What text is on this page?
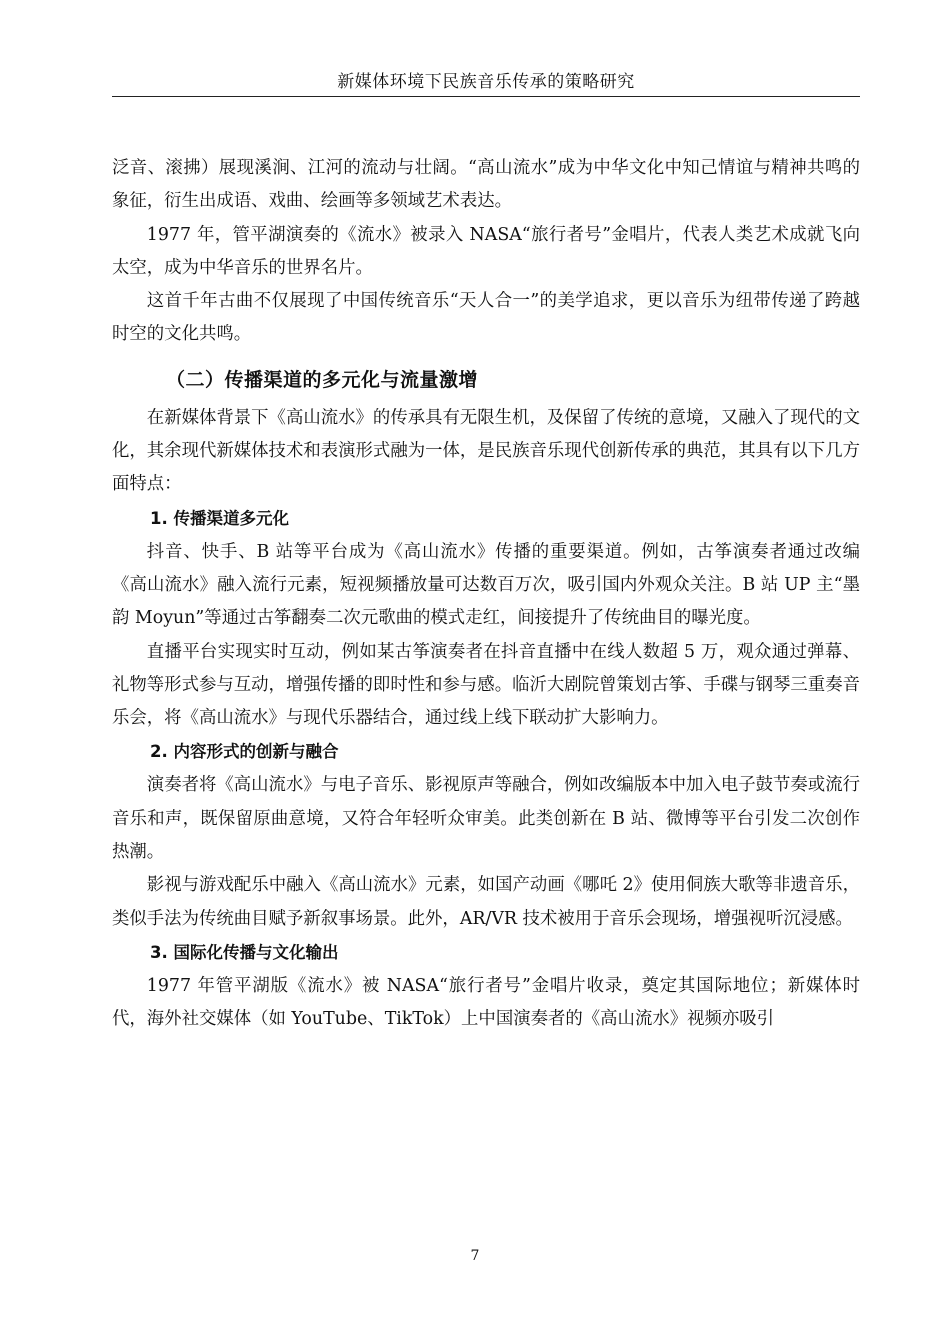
新媒体环境下民族音乐传承的策略研究

泛音、滚拂）展现溪涧、江河的流动与壮阔。“高山流水”成为中华文化中知己情谊与精神共鸣的象征，衍生出成语、戏曲、绘画等多领域艺术表达。

1977 年，管平湖演奏的《流水》被录入 NASA“旅行者号”金唱片，代表人类艺术成就飞向太空，成为中华音乐的世界名片。

这首千年古曲不仅展现了中国传统音乐“天人合一”的美学追求，更以音乐为纽带传递了跨越时空的文化共鸣。

（二）传播渠道的多元化与流量激增

在新媒体背景下《高山流水》的传承具有无限生机，及保留了传统的意境，又融入了现代的文化，其余现代新媒体技术和表演形式融为一体，是民族音乐现代创新传承的典范，其具有以下几方面特点：

1. 传播渠道多元化

抖音、快手、B 站等平台成为《高山流水》传播的重要渠道。例如，古筝演奏者通过改编《高山流水》融入流行元素，短视频播放量可达数百万次，吸引国内外观众关注。B 站 UP 主“墨韵 Moyun”等通过古筝翻奏二次元歌曲的模式走红，间接提升了传统曲目的曝光度。

直播平台实现实时互动，例如某古筝演奏者在抖音直播中在线人数超 5 万，观众通过弹幕、礼物等形式参与互动，增强传播的即时性和参与感。临沂大剧院曾策划古筝、手碟与钢琴三重奏音乐会，将《高山流水》与现代乐器结合，通过线上线下联动扩大影响力。

2. 内容形式的创新与融合

演奏者将《高山流水》与电子音乐、影视原声等融合，例如改编版本中加入电子鼓节奏或流行音乐和声，既保留原曲意境，又符合年轻听众审美。此类创新在 B 站、微博等平台引发二次创作热潮。

影视与游戏配乐中融入《高山流水》元素，如国产动画《哪吒 2》使用侗族大歌等非遗音乐，类似手法为传统曲目赋予新叙事场景。此外，AR/VR 技术被用于音乐会现场，增强视听沉浸感。

3. 国际化传播与文化输出

1977 年管平湖版《流水》被 NASA“旅行者号”金唱片收录，奠定其国际地位；新媒体时代，海外社交媒体（如 YouTube、TikTok）上中国演奏者的《高山流水》视频亦吸引

7
